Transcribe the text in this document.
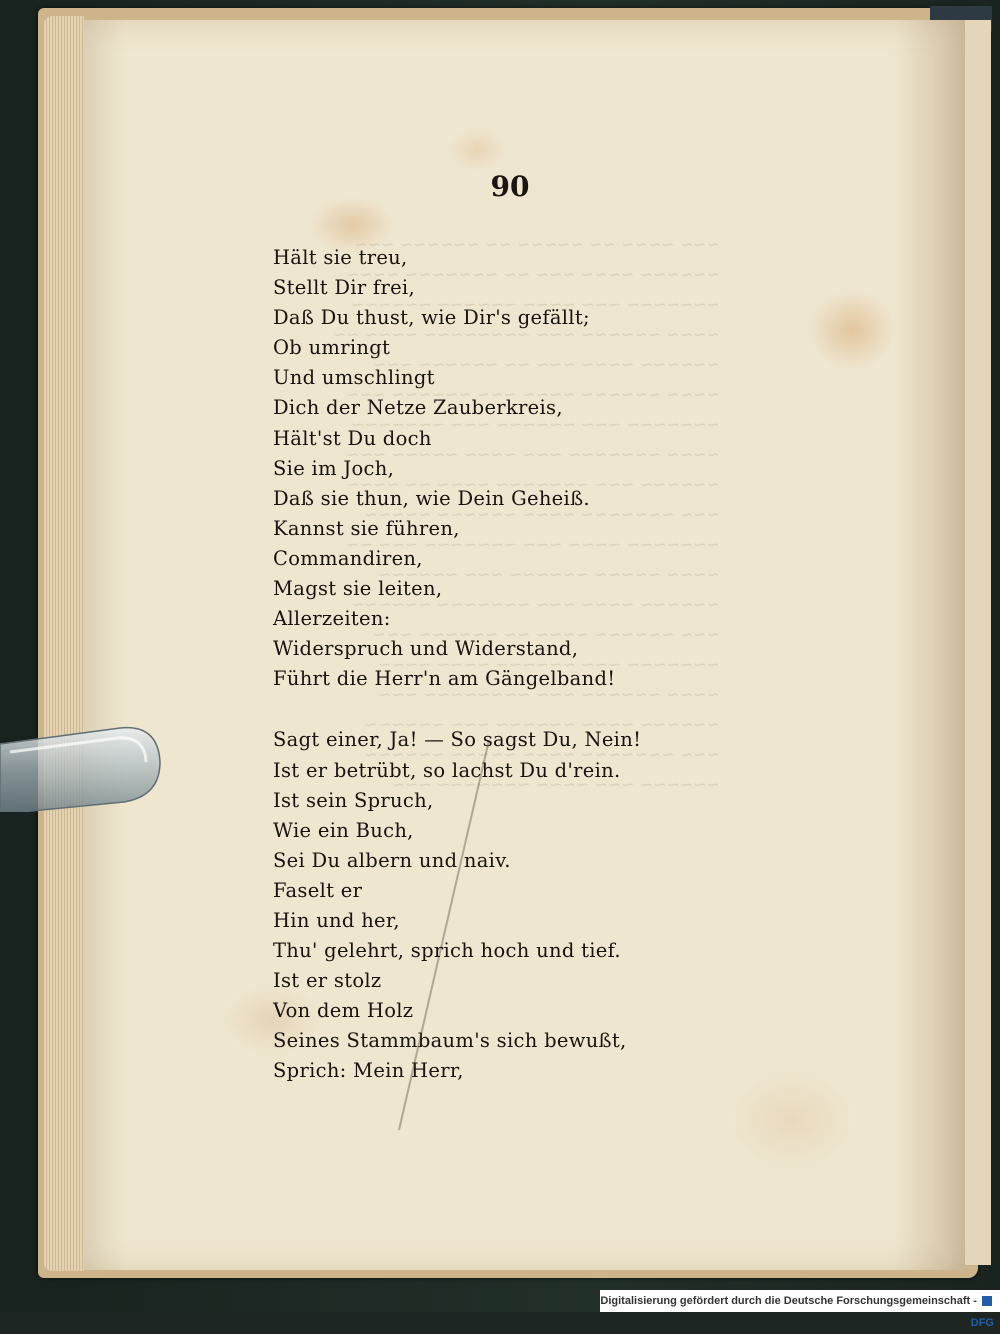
90
Hält sie treu,
Stellt Dir frei,
Daß Du thust, wie Dir's gefällt;
Ob umringt
Und umschlingt
Dich der Netze Zauberkreis,
Hält'st Du doch
Sie im Joch,
Daß sie thun, wie Dein Geheiß.
Kannst sie führen,
Commandiren,
Magst sie leiten,
Allerzeiten:
Widerspruch und Widerstand,
Führt die Herr'n am Gängelband!
Sagt einer, Ja! — So sagst Du, Nein!
Ist er betrübt, so lachst Du d'rein.
Ist sein Spruch,
Wie ein Buch,
Sei Du albern und naiv.
Faselt er
Hin und her,
Thu' gelehrt, sprich hoch und tief.
Ist er stolz
Von dem Holz
Seines Stammbaum's sich bewußt,
Sprich: Mein Herr,
Digitalisierung gefördert durch die Deutsche Forschungsgemeinschaft - DFG
